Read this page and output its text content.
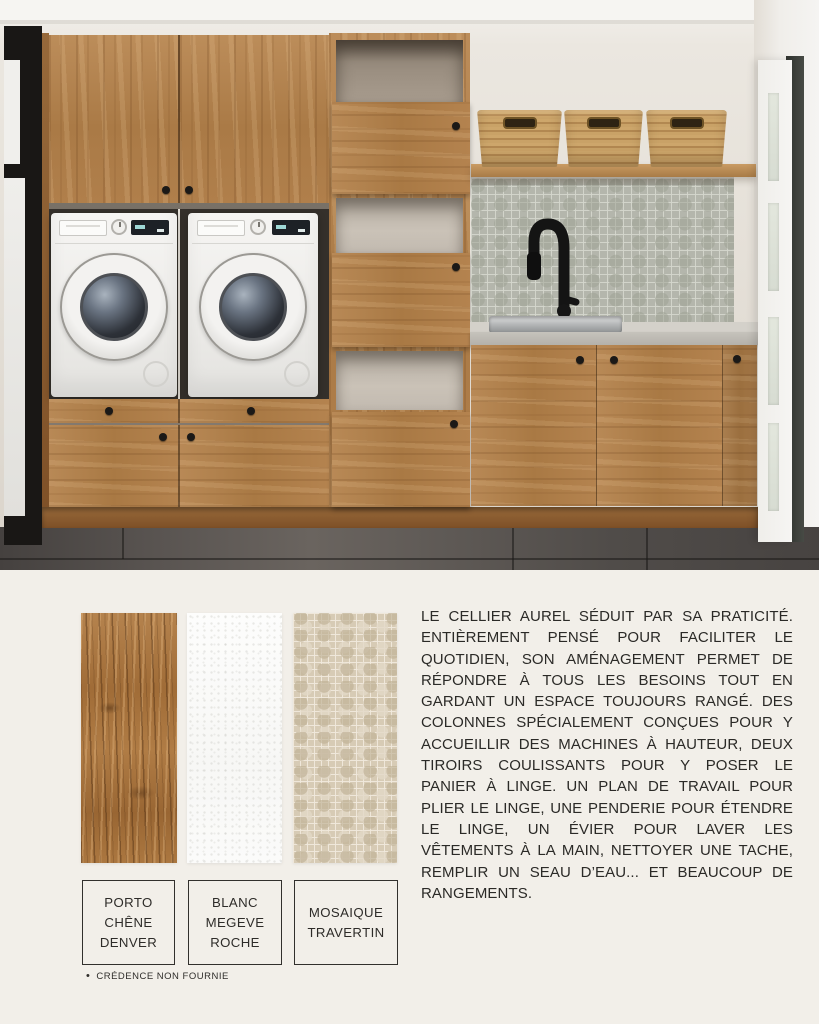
PORTO
CHÊNE
DENVER
BLANC
MEGEVE
ROCHE
MOSAIQUE
TRAVERTIN
• CRÉDENCE NON FOURNIE

LE CELLIER AUREL SÉDUIT PAR SA PRATICITÉ. ENTIÈREMENT PENSÉ POUR FACILITER LE QUOTIDIEN, SON AMÉNAGEMENT PERMET DE RÉPONDRE À TOUS LES BESOINS TOUT EN GARDANT UN ESPACE TOUJOURS RANGÉ. DES COLONNES SPÉCIALEMENT CONÇUES POUR Y ACCUEILLIR DES MACHINES À HAUTEUR, DEUX TIROIRS COULISSANTS POUR Y POSER LE PANIER À LINGE. UN PLAN DE TRAVAIL POUR PLIER LE LINGE, UNE PENDERIE POUR ÉTENDRE LE LINGE, UN ÉVIER POUR LAVER LES VÊTEMENTS À LA MAIN, NETTOYER UNE TACHE, REMPLIR UN SEAU D’EAU... ET BEAUCOUP DE RANGEMENTS.
